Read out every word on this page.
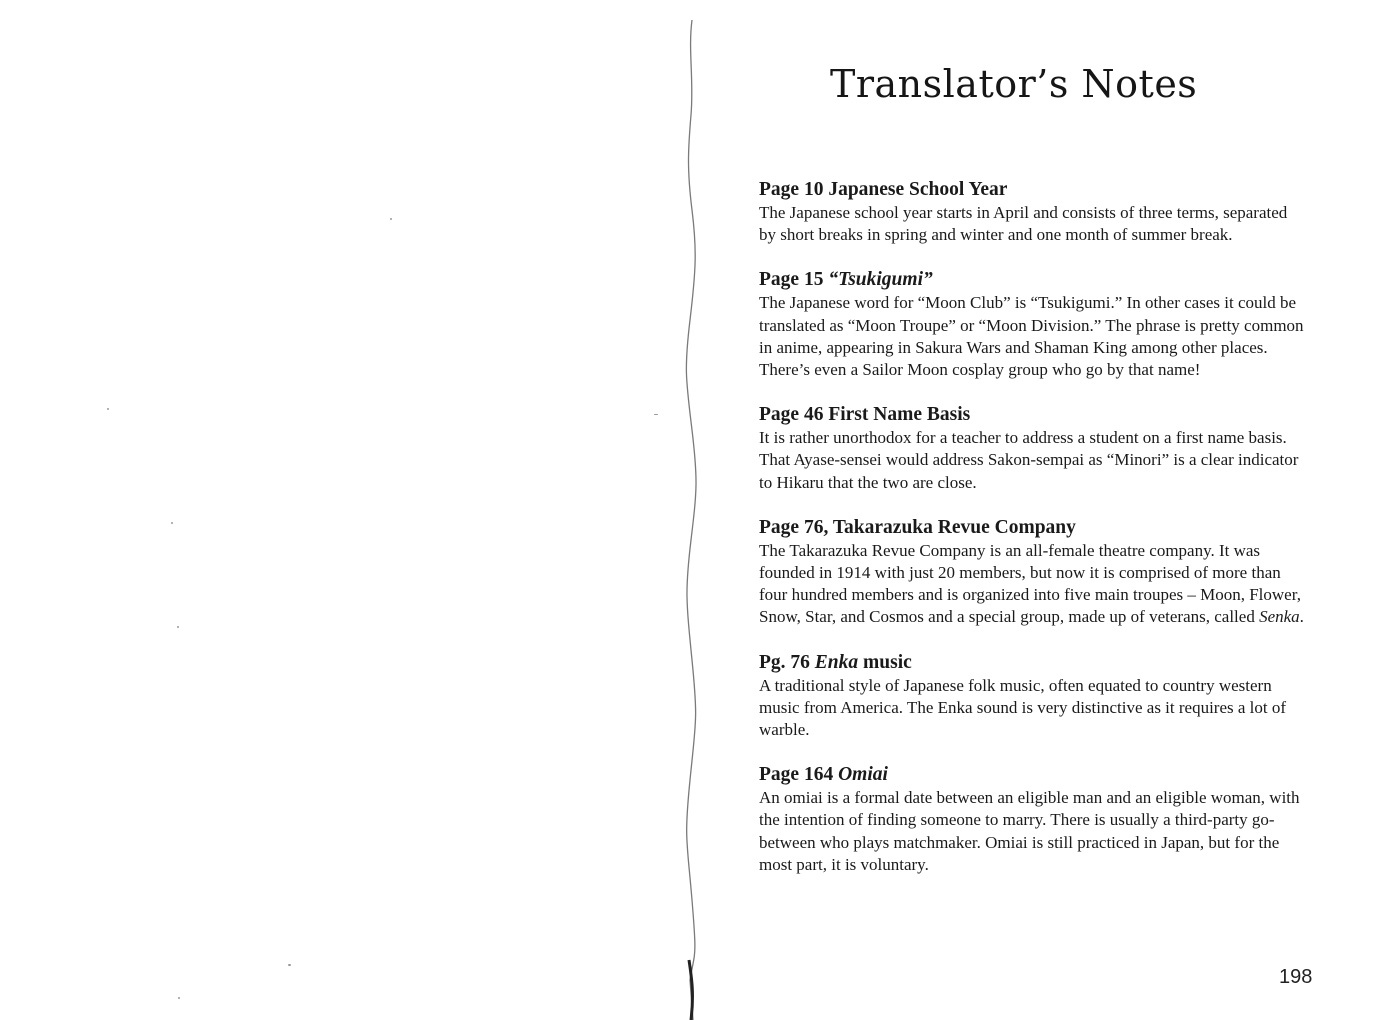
Translator’s Notes

Page 10 Japanese School Year

The Japanese school year starts in April and consists of three terms, separated by short breaks in spring and winter and one month of summer break.

Page 15 “Tsukigumi”

The Japanese word for “Moon Club” is “Tsukigumi.” In other cases it could be translated as “Moon Troupe” or “Moon Division.” The phrase is pretty common in anime, appearing in Sakura Wars and Shaman King among other places. There’s even a Sailor Moon cosplay group who go by that name!

Page 46 First Name Basis

It is rather unorthodox for a teacher to address a student on a first name basis. That Ayase-sensei would address Sakon-sempai as “Minori” is a clear indicator to Hikaru that the two are close.

Page 76, Takarazuka Revue Company

The Takarazuka Revue Company is an all-female theatre company. It was founded in 1914 with just 20 members, but now it is comprised of more than four hundred members and is organized into five main troupes – Moon, Flower, Snow, Star, and Cosmos and a special group, made up of veterans, called Senka.

Pg. 76 Enka music

A traditional style of Japanese folk music, often equated to country western music from America. The Enka sound is very distinctive as it requires a lot of warble.

Page 164 Omiai

An omiai is a formal date between an eligible man and an eligible woman, with the intention of finding someone to marry. There is usually a third-party go-between who plays matchmaker. Omiai is still practiced in Japan, but for the most part, it is voluntary.

198
